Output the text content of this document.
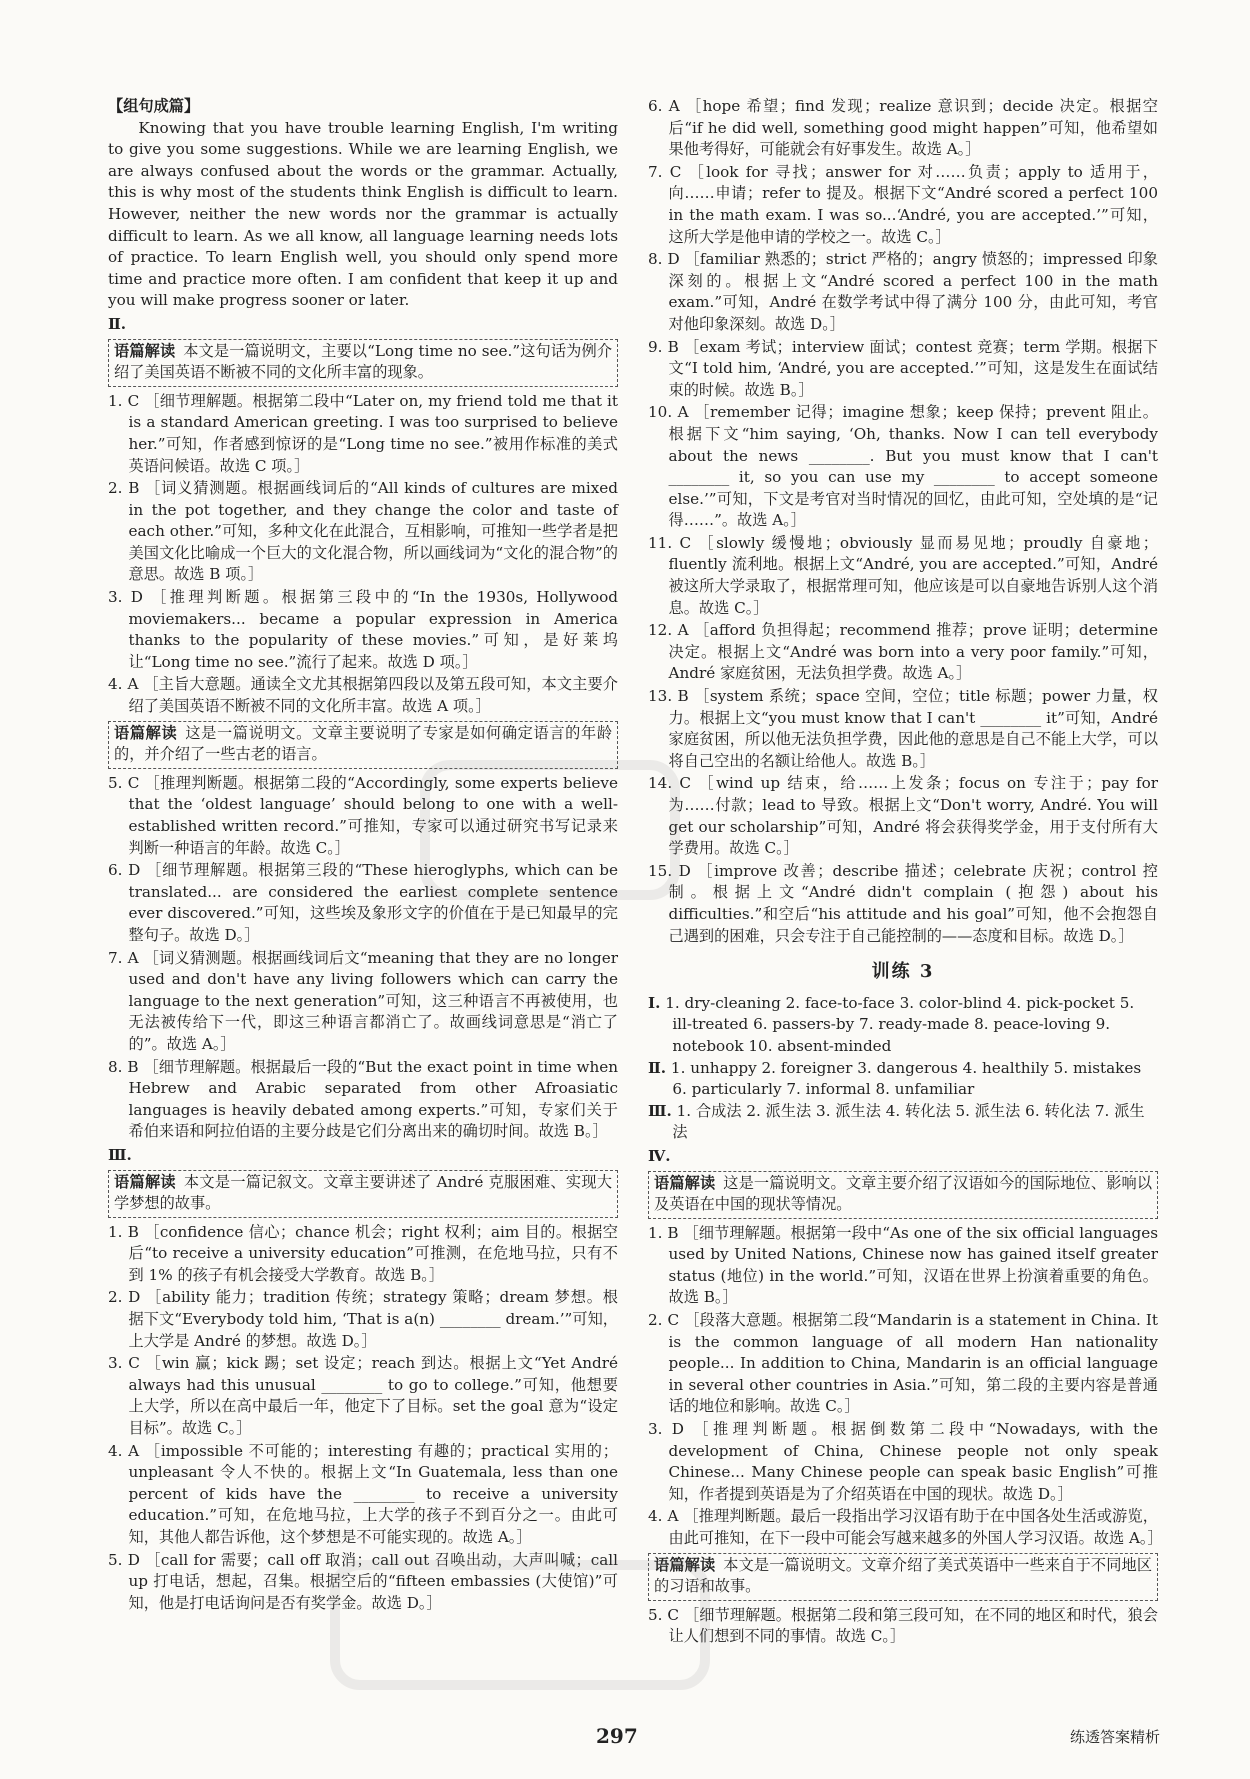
【组句成篇】
Knowing that you have trouble learning English, I'm writing to give you some suggestions. While we are learning English, we are always confused about the words or the grammar. Actually, this is why most of the students think English is difficult to learn. However, neither the new words nor the grammar is actually difficult to learn. As we all know, all language learning needs lots of practice. To learn English well, you should only spend more time and practice more often. I am confident that keep it up and you will make progress sooner or later.
Ⅱ.
语篇解读 本文是一篇说明文，主要以“Long time no see.”这句话为例介绍了美国英语不断被不同的文化所丰富的现象。
1. C ［细节理解题。根据第二段中“Later on, my friend told me that it is a standard American greeting. I was too surprised to believe her.”可知，作者感到惊讶的是“Long time no see.”被用作标准的美式英语问候语。故选 C 项。］
2. B ［词义猜测题。根据画线词后的“All kinds of cultures are mixed in the pot together, and they change the color and taste of each other.”可知，多种文化在此混合，互相影响，可推知一些学者是把美国文化比喻成一个巨大的文化混合物，所以画线词为“文化的混合物”的意思。故选 B 项。］
3. D ［推理判断题。根据第三段中的“In the 1930s, Hollywood moviemakers... became a popular expression in America thanks to the popularity of these movies.”可知，是好莱坞让“Long time no see.”流行了起来。故选 D 项。］
4. A ［主旨大意题。通读全文尤其根据第四段以及第五段可知，本文主要介绍了美国英语不断被不同的文化所丰富。故选 A 项。］
语篇解读 这是一篇说明文。文章主要说明了专家是如何确定语言的年龄的，并介绍了一些古老的语言。
5. C ［推理判断题。根据第二段的“Accordingly, some experts believe that the ‘oldest language’ should belong to one with a well-established written record.”可推知，专家可以通过研究书写记录来判断一种语言的年龄。故选 C。］
6. D ［细节理解题。根据第三段的“These hieroglyphs, which can be translated... are considered the earliest complete sentence ever discovered.”可知，这些埃及象形文字的价值在于是已知最早的完整句子。故选 D。］
7. A ［词义猜测题。根据画线词后文“meaning that they are no longer used and don't have any living followers which can carry the language to the next generation”可知，这三种语言不再被使用，也无法被传给下一代，即这三种语言都消亡了。故画线词意思是“消亡了的”。故选 A。］
8. B ［细节理解题。根据最后一段的“But the exact point in time when Hebrew and Arabic separated from other Afroasiatic languages is heavily debated among experts.”可知，专家们关于希伯来语和阿拉伯语的主要分歧是它们分离出来的确切时间。故选 B。］
Ⅲ.
语篇解读 本文是一篇记叙文。文章主要讲述了 André 克服困难、实现大学梦想的故事。
1. B ［confidence 信心；chance 机会；right 权利；aim 目的。根据空后“to receive a university education”可推测，在危地马拉，只有不到 1% 的孩子有机会接受大学教育。故选 B。］
2. D ［ability 能力；tradition 传统；strategy 策略；dream 梦想。根据下文“Everybody told him, ‘That is a(n) ________ dream.’”可知，上大学是 André 的梦想。故选 D。］
3. C ［win 赢；kick 踢；set 设定；reach 到达。根据上文“Yet André always had this unusual ________ to go to college.”可知，他想要上大学，所以在高中最后一年，他定下了目标。set the goal 意为“设定目标”。故选 C。］
4. A ［impossible 不可能的；interesting 有趣的；practical 实用的；unpleasant 令人不快的。根据上文“In Guatemala, less than one percent of kids have the ________ to receive a university education.”可知，在危地马拉，上大学的孩子不到百分之一。由此可知，其他人都告诉他，这个梦想是不可能实现的。故选 A。］
5. D ［call for 需要；call off 取消；call out 召唤出动，大声叫喊；call up 打电话，想起，召集。根据空后的“fifteen embassies (大使馆)”可知，他是打电话询问是否有奖学金。故选 D。］
6. A ［hope 希望；find 发现；realize 意识到；decide 决定。根据空后“if he did well, something good might happen”可知，他希望如果他考得好，可能就会有好事发生。故选 A。］
7. C ［look for 寻找；answer for 对……负责；apply to 适用于，向……申请；refer to 提及。根据下文“André scored a perfect 100 in the math exam. I was so...‘André, you are accepted.’”可知，这所大学是他申请的学校之一。故选 C。］
8. D ［familiar 熟悉的；strict 严格的；angry 愤怒的；impressed 印象深刻的。根据上文“André scored a perfect 100 in the math exam.”可知，André 在数学考试中得了满分 100 分，由此可知，考官对他印象深刻。故选 D。］
9. B ［exam 考试；interview 面试；contest 竞赛；term 学期。根据下文“I told him, ‘André, you are accepted.’”可知，这是发生在面试结束的时候。故选 B。］
10. A ［remember 记得；imagine 想象；keep 保持；prevent 阻止。根据下文“him saying, ‘Oh, thanks. Now I can tell everybody about the news ________. But you must know that I can't ________ it, so you can use my ________ to accept someone else.’”可知，下文是考官对当时情况的回忆，由此可知，空处填的是“记得……”。故选 A。］
11. C ［slowly 缓慢地；obviously 显而易见地；proudly 自豪地；fluently 流利地。根据上文“André, you are accepted.”可知，André 被这所大学录取了，根据常理可知，他应该是可以自豪地告诉别人这个消息。故选 C。］
12. A ［afford 负担得起；recommend 推荐；prove 证明；determine 决定。根据上文“André was born into a very poor family.”可知，André 家庭贫困，无法负担学费。故选 A。］
13. B ［system 系统；space 空间，空位；title 标题；power 力量，权力。根据上文“you must know that I can't ________ it”可知，André 家庭贫困，所以他无法负担学费，因此他的意思是自己不能上大学，可以将自己空出的名额让给他人。故选 B。］
14. C ［wind up 结束，给……上发条；focus on 专注于；pay for 为……付款；lead to 导致。根据上文“Don't worry, André. You will get our scholarship”可知，André 将会获得奖学金，用于支付所有大学费用。故选 C。］
15. D ［improve 改善；describe 描述；celebrate 庆祝；control 控制。根据上文“André didn't complain (抱怨) about his difficulties.”和空后“his attitude and his goal”可知，他不会抱怨自己遇到的困难，只会专注于自己能控制的——态度和目标。故选 D。］
训练 3
Ⅰ. 1. dry-cleaning 2. face-to-face 3. color-blind 4. pick-pocket 5. ill-treated 6. passers-by 7. ready-made 8. peace-loving 9. notebook 10. absent-minded
Ⅱ. 1. unhappy 2. foreigner 3. dangerous 4. healthily 5. mistakes 6. particularly 7. informal 8. unfamiliar
Ⅲ. 1. 合成法 2. 派生法 3. 派生法 4. 转化法 5. 派生法 6. 转化法 7. 派生法
Ⅳ.
语篇解读 这是一篇说明文。文章主要介绍了汉语如今的国际地位、影响以及英语在中国的现状等情况。
1. B ［细节理解题。根据第一段中“As one of the six official languages used by United Nations, Chinese now has gained itself greater status (地位) in the world.”可知，汉语在世界上扮演着重要的角色。故选 B。］
2. C ［段落大意题。根据第二段“Mandarin is a statement in China. It is the common language of all modern Han nationality people... In addition to China, Mandarin is an official language in several other countries in Asia.”可知，第二段的主要内容是普通话的地位和影响。故选 C。］
3. D ［推理判断题。根据倒数第二段中“Nowadays, with the development of China, Chinese people not only speak Chinese... Many Chinese people can speak basic English”可推知，作者提到英语是为了介绍英语在中国的现状。故选 D。］
4. A ［推理判断题。最后一段指出学习汉语有助于在中国各处生活或游览，由此可推知，在下一段中可能会写越来越多的外国人学习汉语。故选 A。］
语篇解读 本文是一篇说明文。文章介绍了美式英语中一些来自于不同地区的习语和故事。
5. C ［细节理解题。根据第二段和第三段可知，在不同的地区和时代，狼会让人们想到不同的事情。故选 C。］
297	练透答案精析
